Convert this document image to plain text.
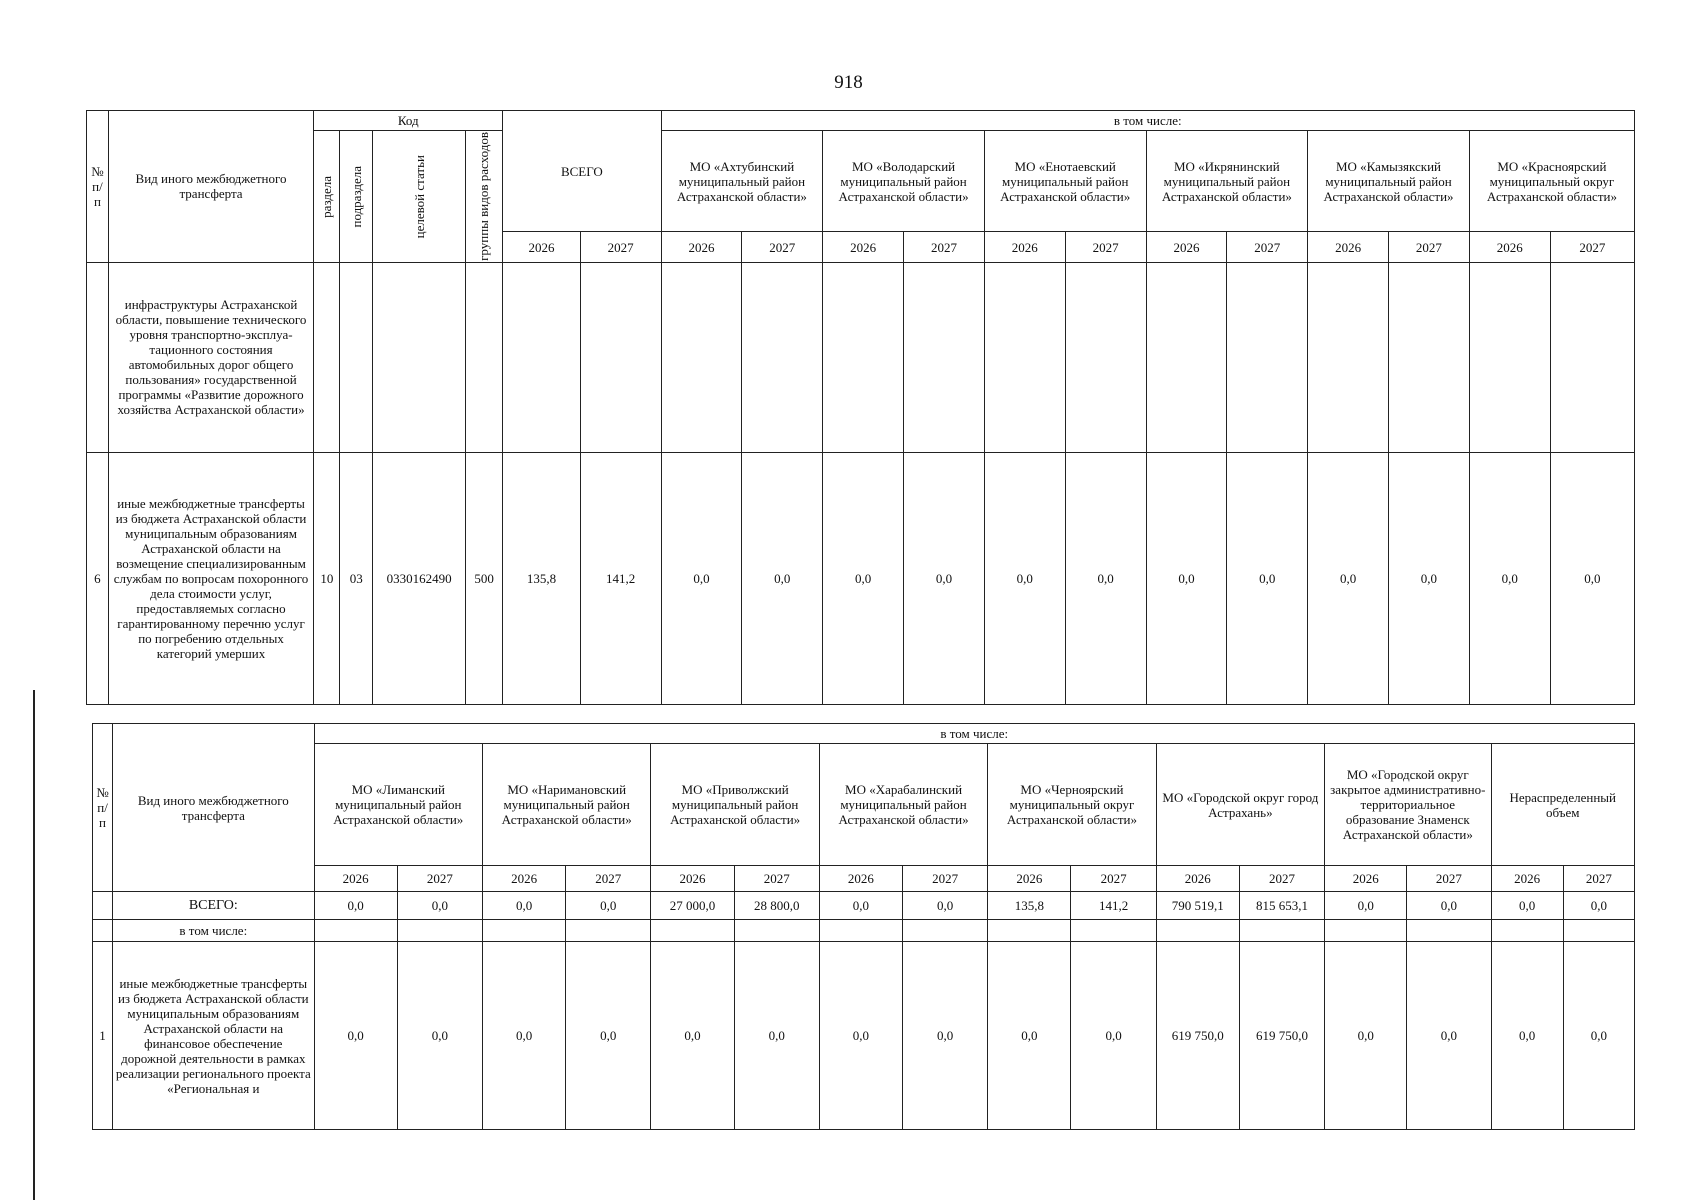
918
№ п/п	Вид иного межбюджетного трансферта	Код				ВСЕГО		в том числе:											

		раздела	подраздела	целевой статьи	группы видов расходов			МО «Ахтубинский муниципальный район Астраханской области»		МО «Володарский муниципальный район Астраханской области»		МО «Енотаевский муниципальный район Астраханской области»		МО «Икрянинский муниципальный район Астраханской области»		МО «Камызякский муниципальный район Астраханской области»		МО «Красноярский муниципальный округ Астраханской области»	
						2026	2027	2026	2027	2026	2027	2026	2027	2026	2027	2026	2027	2026	2027
	инфраструктуры Астраханской области, повышение технического уровня транспортно-эксплуа-тационного состояния автомобильных дорог общего пользования» государственной программы «Развитие дорожного хозяйства Астраханской области»																		
6	иные межбюджетные трансферты из бюджета Астраханской области муниципальным образованиям Астраханской области на возмещение специализированным службам по вопросам похоронного дела стоимости услуг, предоставляемых согласно гарантированному перечню услуг по погребению отдельных категорий умерших	10	03	0330162490	500	135,8	141,2	0,0	0,0	0,0	0,0	0,0	0,0	0,0	0,0	0,0	0,0	0,0	0,0
№ п/п	Вид иного межбюджетного трансферта	в том числе:															
		МО «Лиманский муниципальный район Астраханской области»		МО «Наримановский муниципальный район Астраханской области»		МО «Приволжский муниципальный район Астраханской области»		МО «Харабалинский муниципальный район Астраханской области»		МО «Черноярский муниципальный округ Астраханской области»		МО «Городской округ город Астрахань»		МО «Городской округ закрытое административно-территориальное образование Знаменск Астраханской области»		Нераспределенный объем	
		2026	2027	2026	2027	2026	2027	2026	2027	2026	2027	2026	2027	2026	2027	2026	2027
	ВСЕГО:	0,0	0,0	0,0	0,0	27 000,0	28 800,0	0,0	0,0	135,8	141,2	790 519,1	815 653,1	0,0	0,0	0,0	0,0
	в том числе:																
1	иные межбюджетные трансферты из бюджета Астраханской области муниципальным образованиям Астраханской области на финансовое обеспечение дорожной деятельности в рамках реализации регионального проекта «Региональная и	0,0	0,0	0,0	0,0	0,0	0,0	0,0	0,0	0,0	0,0	619 750,0	619 750,0	0,0	0,0	0,0	0,0
